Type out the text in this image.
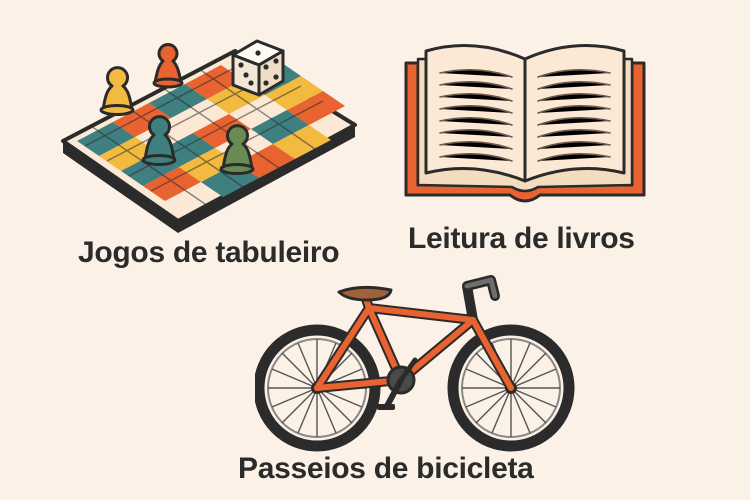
Jogos de tabuleiro Leitura de livros
Passeios de bicicleta
